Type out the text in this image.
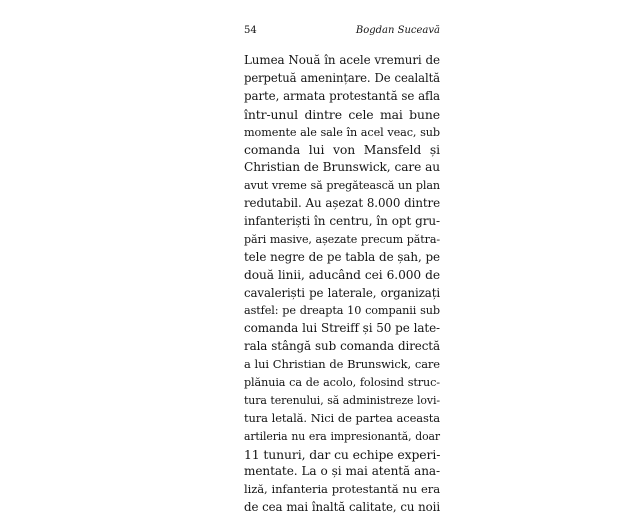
54	Bogdan Suceavă
Lumea Nouă în acele vremuri de
perpetuă amenințare. De cealaltă
parte, armata protestantă se afla
într-unul dintre cele mai bune
momente ale sale în acel veac, sub
comanda lui von Mansfeld și
Christian de Brunswick, care au
avut vreme să pregătească un plan
redutabil. Au așezat 8.000 dintre
infanteriști în centru, în opt gru-
pări masive, așezate precum pătra-
tele negre de pe tabla de șah, pe
două linii, aducând cei 6.000 de
cavaleriști pe laterale, organizați
astfel: pe dreapta 10 companii sub
comanda lui Streiff și 50 pe late-
rala stângă sub comanda directă
a lui Christian de Brunswick, care
plănuia ca de acolo, folosind struc-
tura terenului, să administreze lovi-
tura letală. Nici de partea aceasta
artileria nu era impresionantă, doar
11 tunuri, dar cu echipe experi-
mentate. La o și mai atentă ana-
liză, infanteria protestantă nu era
de cea mai înaltă calitate, cu noii
